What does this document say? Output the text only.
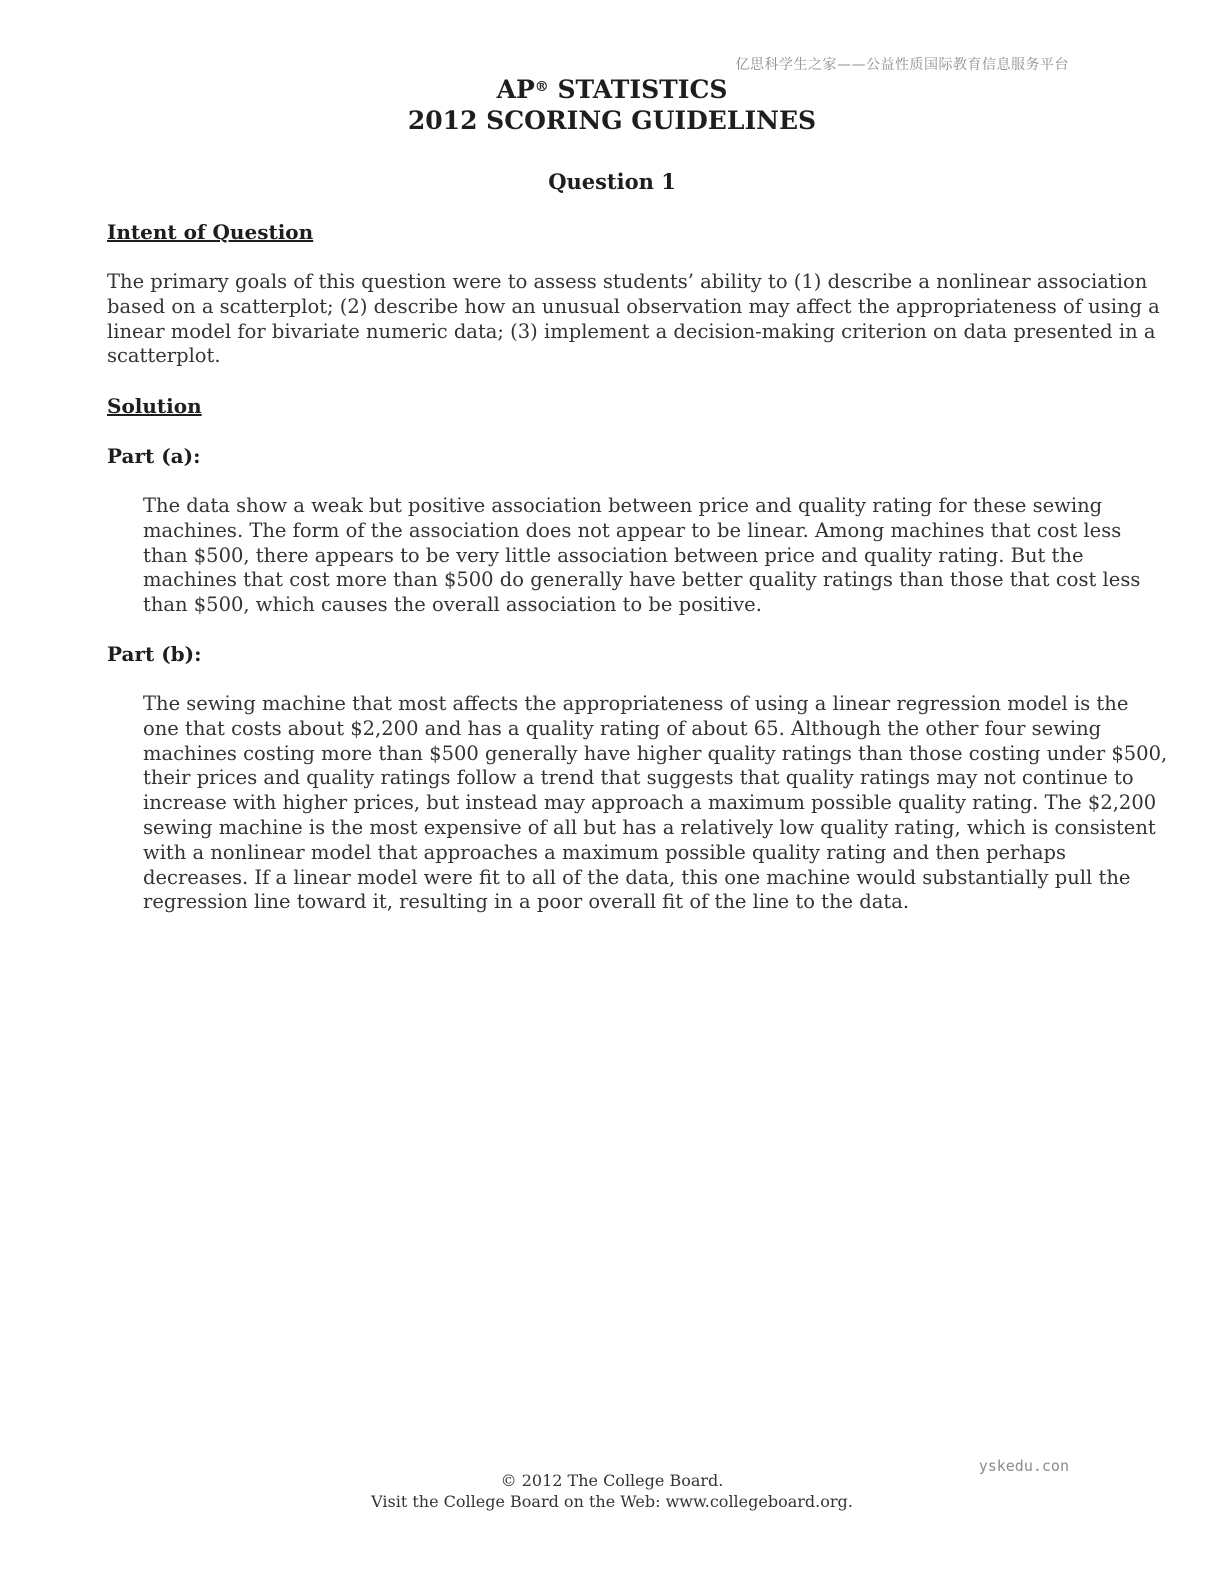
亿思科学生之家——公益性质国际教育信息服务平台
AP® STATISTICS
2012 SCORING GUIDELINES
Question 1
Intent of Question

The primary goals of this question were to assess students’ ability to (1) describe a nonlinear association
based on a scatterplot; (2) describe how an unusual observation may affect the appropriateness of using a
linear model for bivariate numeric data; (3) implement a decision-making criterion on data presented in a
scatterplot.

Solution
Part (a):

The data show a weak but positive association between price and quality rating for these sewing
machines. The form of the association does not appear to be linear. Among machines that cost less
than $500, there appears to be very little association between price and quality rating. But the
machines that cost more than $500 do generally have better quality ratings than those that cost less
than $500, which causes the overall association to be positive.

Part (b):

The sewing machine that most affects the appropriateness of using a linear regression model is the
one that costs about $2,200 and has a quality rating of about 65. Although the other four sewing
machines costing more than $500 generally have higher quality ratings than those costing under $500,
their prices and quality ratings follow a trend that suggests that quality ratings may not continue to
increase with higher prices, but instead may approach a maximum possible quality rating. The $2,200
sewing machine is the most expensive of all but has a relatively low quality rating, which is consistent
with a nonlinear model that approaches a maximum possible quality rating and then perhaps
decreases. If a linear model were fit to all of the data, this one machine would substantially pull the
regression line toward it, resulting in a poor overall fit of the line to the data.

yskedu.con
© 2012 The College Board.
Visit the College Board on the Web: www.collegeboard.org.
